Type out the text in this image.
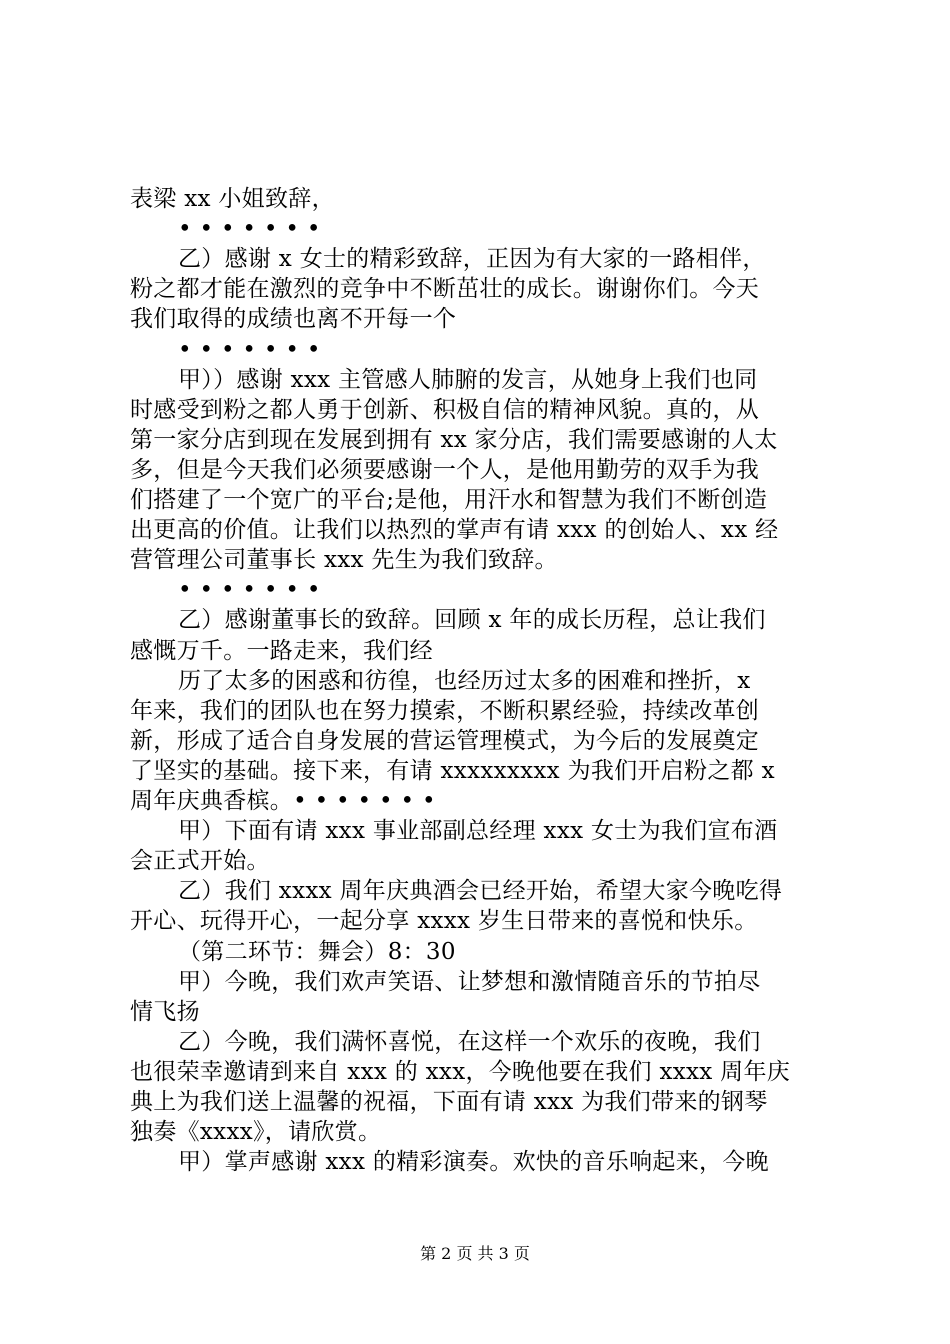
表梁 xx 小姐致辞，
• • • • • • •
乙）感谢 x 女士的精彩致辞，正因为有大家的一路相伴，
粉之都才能在激烈的竞争中不断茁壮的成长。谢谢你们。今天
我们取得的成绩也离不开每一个
• • • • • • •
甲））感谢 xxx 主管感人肺腑的发言，从她身上我们也同
时感受到粉之都人勇于创新、积极自信的精神风貌。真的，从
第一家分店到现在发展到拥有 xx 家分店，我们需要感谢的人太
多，但是今天我们必须要感谢一个人，是他用勤劳的双手为我
们搭建了一个宽广的平台;是他，用汗水和智慧为我们不断创造
出更高的价值。让我们以热烈的掌声有请 xxx 的创始人、xx 经
营管理公司董事长 xxx 先生为我们致辞。
• • • • • • •
乙）感谢董事长的致辞。回顾 x 年的成长历程，总让我们
感慨万千。一路走来，我们经
历了太多的困惑和彷徨，也经历过太多的困难和挫折，x
年来，我们的团队也在努力摸索，不断积累经验，持续改革创
新，形成了适合自身发展的营运管理模式，为今后的发展奠定
了坚实的基础。接下来，有请 xxxxxxxxx 为我们开启粉之都 x
周年庆典香槟。• • • • • • •
甲）下面有请 xxx 事业部副总经理 xxx 女士为我们宣布酒
会正式开始。
乙）我们 xxxx 周年庆典酒会已经开始，希望大家今晚吃得
开心、玩得开心，一起分享 xxxx 岁生日带来的喜悦和快乐。
（第二环节：舞会）8：30
甲）今晚，我们欢声笑语、让梦想和激情随音乐的节拍尽
情飞扬
乙）今晚，我们满怀喜悦，在这样一个欢乐的夜晚，我们
也很荣幸邀请到来自 xxx 的 xxx，今晚他要在我们 xxxx 周年庆
典上为我们送上温馨的祝福，下面有请 xxx 为我们带来的钢琴
独奏《xxxx》，请欣赏。
甲）掌声感谢 xxx 的精彩演奏。欢快的音乐响起来，今晚
第 2 页 共 3 页
